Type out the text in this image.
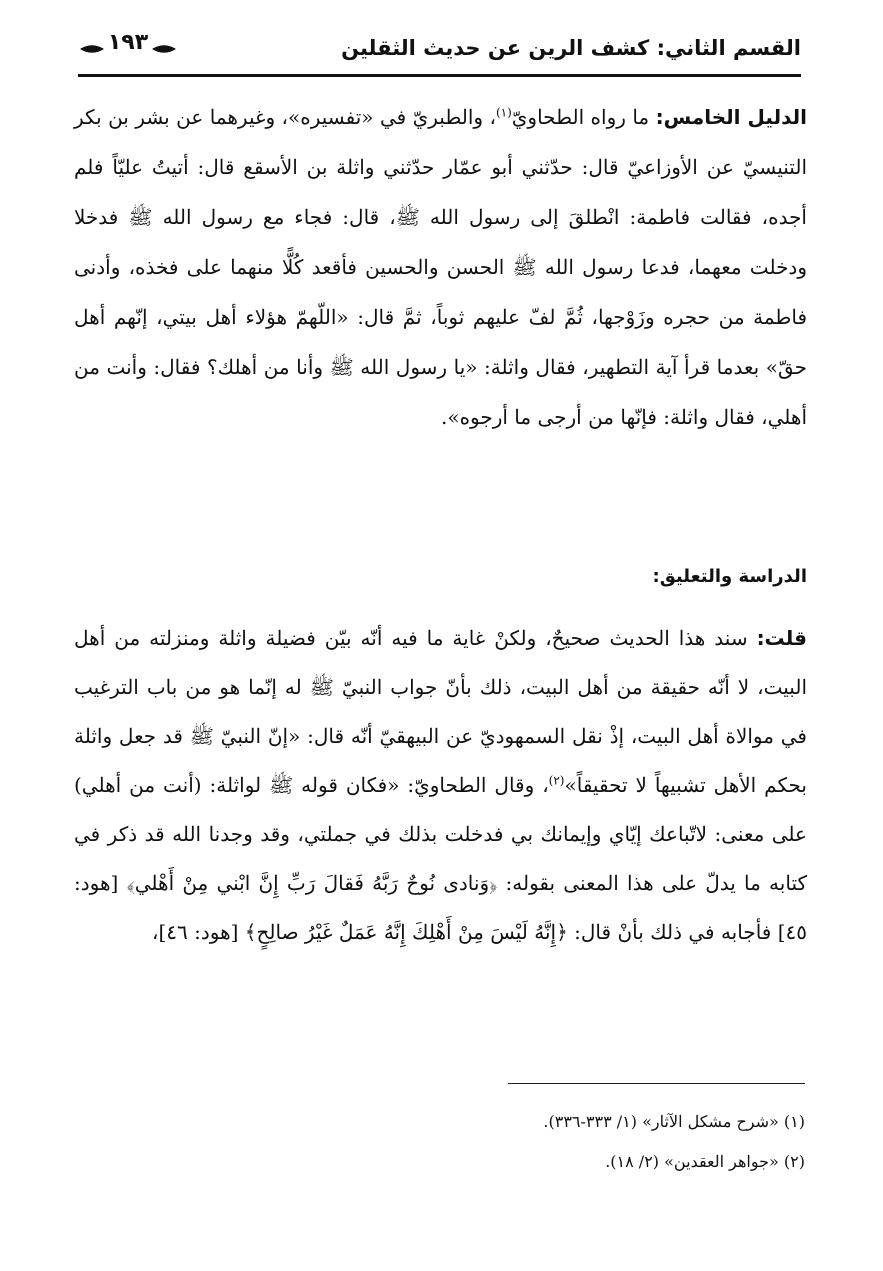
القسم الثاني: كشف الرين عن حديث الثقلين
١٩٣

الدليل الخامس: ما رواه الطحاويّ$^{(١)}$، والطبريّ في «تفسيره»، وغيرهما عن بشر بن بكر التنيسيّ عن الأوزاعيّ قال: حدّثني أبو عمّار حدّثني واثلة بن الأسقع قال: أتيتُ عليّاً فلم أجده، فقالت فاطمة: انْطلقَ إلى رسول الله ﷺ، قال: فجاء مع رسول الله ﷺ فدخلا ودخلت معهما، فدعا رسول الله ﷺ الحسن والحسين فأقعد كُلًّا منهما على فخذه، وأدنى فاطمة من حجره وزَوْجها، ثُمَّ لفّ عليهم ثوباً، ثمَّ قال: «اللّهمّ هؤلاء أهل بيتي، إنّهم أهل حقّ» بعدما قرأ آية التطهير، فقال واثلة: «يا رسول الله ﷺ وأنا من أهلك؟ فقال: وأنت من أهلي، فقال واثلة: فإنّها من أرجى ما أرجوه».

الدراسة والتعليق:

قلت: سند هذا الحديث صحيحٌ، ولكنْ غاية ما فيه أنّه بيّن فضيلة واثلة ومنزلته من أهل البيت، لا أنّه حقيقة من أهل البيت، ذلك بأنّ جواب النبيّ ﷺ له إنّما هو من باب الترغيب في موالاة أهل البيت، إذْ نقل السمهوديّ عن البيهقيّ أنّه قال: «إنّ النبيّ ﷺ قد جعل واثلة بحكم الأهل تشبيهاً لا تحقيقاً»$^{(٢)}$، وقال الطحاويّ: «فكان قوله ﷺ لواثلة: (أنت من أهلي) على معنى: لاتّباعك إيّاي وإيمانك بي فدخلت بذلك في جملتي، وقد وجدنا الله قد ذكر في كتابه ما يدلّ على هذا المعنى بقوله: ﴿وَنادى نُوحٌ رَبَّهُ فَقالَ رَبِّ إِنَّ ابْني مِنْ أَهْلي﴾ [هود: ٤٥] فأجابه في ذلك بأنْ قال: ﴿إِنَّهُ لَيْسَ مِنْ أَهْلِكَ إِنَّهُ عَمَلٌ غَيْرُ صالِحٍ﴾ [هود: ٤٦]،

(١) «شرح مشكل الآثار» (١/ ٣٣٣-٣٣٦).

(٢) «جواهر العقدين» (٢/ ١٨).
